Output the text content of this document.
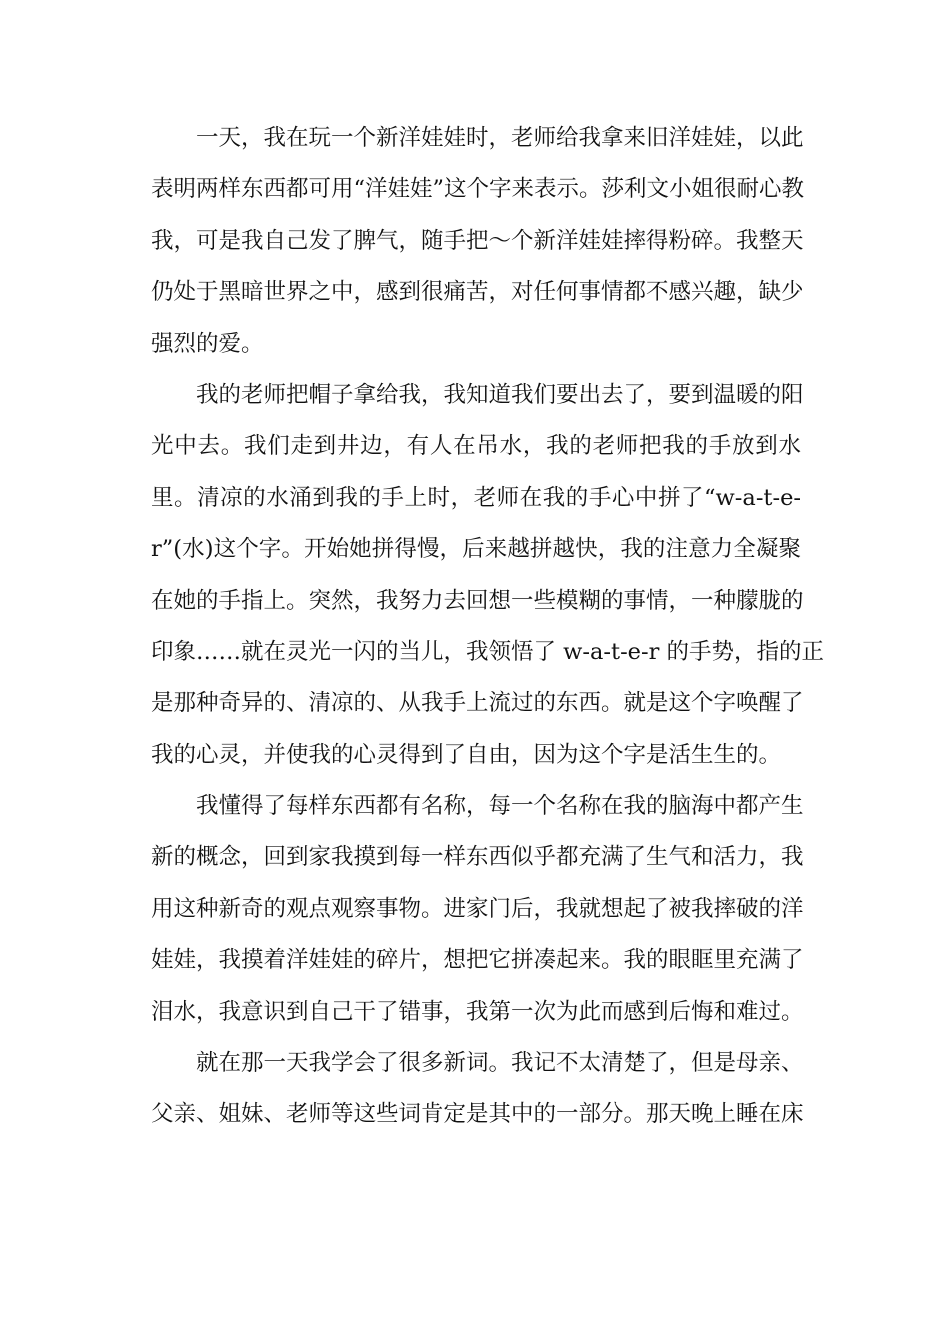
一天，我在玩一个新洋娃娃时，老师给我拿来旧洋娃娃，以此
表明两样东西都可用“洋娃娃”这个字来表示。莎利文小姐很耐心教
我，可是我自己发了脾气，随手把～个新洋娃娃摔得粉碎。我整天
仍处于黑暗世界之中，感到很痛苦，对任何事情都不感兴趣，缺少
强烈的爱。
我的老师把帽子拿给我，我知道我们要出去了，要到温暖的阳
光中去。我们走到井边，有人在吊水，我的老师把我的手放到水
里。清凉的水涌到我的手上时，老师在我的手心中拼了“w-a-t-e-
r”(水)这个字。开始她拼得慢，后来越拼越快，我的注意力全凝聚
在她的手指上。突然，我努力去回想一些模糊的事情，一种朦胧的
印象……就在灵光一闪的当儿，我领悟了 w-a-t-e-r 的手势，指的正
是那种奇异的、清凉的、从我手上流过的东西。就是这个字唤醒了
我的心灵，并使我的心灵得到了自由，因为这个字是活生生的。
我懂得了每样东西都有名称，每一个名称在我的脑海中都产生
新的概念，回到家我摸到每一样东西似乎都充满了生气和活力，我
用这种新奇的观点观察事物。进家门后，我就想起了被我摔破的洋
娃娃，我摸着洋娃娃的碎片，想把它拼凑起来。我的眼眶里充满了
泪水，我意识到自己干了错事，我第一次为此而感到后悔和难过。
就在那一天我学会了很多新词。我记不太清楚了，但是母亲、
父亲、姐妹、老师等这些词肯定是其中的一部分。那天晚上睡在床
